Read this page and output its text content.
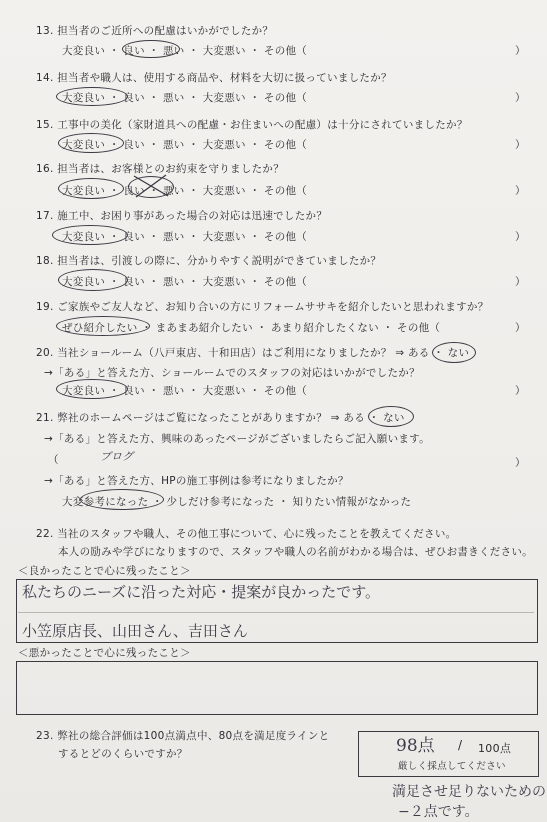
13. 担当者のご近所への配慮はいかがでしたか？
大変良い ・ 良い ・ 悪い ・ 大変悪い ・ その他（	）
14. 担当者や職人は、使用する商品や、材料を大切に扱っていましたか？
大変良い ・ 良い ・ 悪い ・ 大変悪い ・ その他（	）
15. 工事中の美化（家財道具への配慮・お住まいへの配慮）は十分にされていましたか？
大変良い ・ 良い ・ 悪い ・ 大変悪い ・ その他（	）
16. 担当者は、お客様とのお約束を守りましたか？
大変良い ・ 良い ・ 悪い ・ 大変悪い ・ その他（	）
17. 施工中、お困り事があった場合の対応は迅速でしたか？
大変良い ・ 良い ・ 悪い ・ 大変悪い ・ その他（	）
18. 担当者は、引渡しの際に、分かりやすく説明ができていましたか？
大変良い ・ 良い ・ 悪い ・ 大変悪い ・ その他（	）
19. ご家族やご友人など、お知り合いの方にリフォームササキを紹介したいと思われますか？
ぜひ紹介したい ・ まあまあ紹介したい ・ あまり紹介したくない ・ その他（	）
20. 当社ショールーム（八戸東店、十和田店）はご利用になりましたか？ ⇒ ある ・ ない
→「ある」と答えた方、ショールームでのスタッフの対応はいかがでしたか？
大変良い ・ 良い ・ 悪い ・ 大変悪い ・ その他（	）
21. 弊社のホームページはご覧になったことがありますか？ ⇒ ある ・ ない
→「ある」と答えた方、興味のあったページがございましたらご記入願います。
（	ブログ	）
→「ある」と答えた方、HPの施工事例は参考になりましたか？
大変参考になった ・ 少しだけ参考になった ・ 知りたい情報がなかった
22. 当社のスタッフや職人、その他工事について、心に残ったことを教えてください。
本人の励みや学びになりますので、スタッフや職人の名前がわかる場合は、ぜひお書きください。
＜良かったことで心に残ったこと＞
私たちのニーズに沿った対応・提案が良かったです。
小笠原店長、山田さん、吉田さん
＜悪かったことで心に残ったこと＞
23. 弊社の総合評価は100点満点中、80点を満足度ラインと
するとどのくらいですか？	98点 / 100点
厳しく採点してください
満足させ足りないための
−２点です。
